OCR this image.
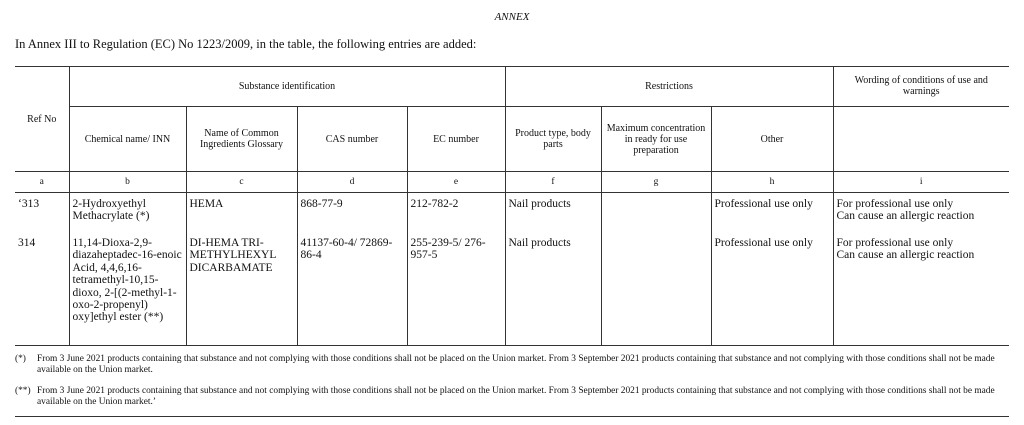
ANNEX
In Annex III to Regulation (EC) No 1223/2009, in the table, the following entries are added:
Ref No	Substance identification				Restrictions			Wording of conditions of use and warnings
	Chemical name/ INN	Name of Common Ingredients Glossary	CAS number	EC number	Product type, body parts	Maximum concentration in ready for use preparation	Other	
a	b	c	d	e	f	g	h	i
‘313	2-Hydroxyethyl Methacrylate (*)	HEMA	868-77-9	212-782-2	Nail products		Professional use only	For professional use only
Can cause an allergic reaction
314	11,14-Dioxa-2,9-diazaheptadec-16-enoic Acid, 4,4,6,16-tetramethyl-10,15-dioxo, 2-[(2-methyl-1-oxo-2-propenyl) oxy]ethyl ester (**)	DI-HEMA TRI-METHYLHEXYL DICARBAMATE	41137-60-4/ 72869-86-4	255-239-5/ 276-957-5	Nail products		Professional use only	For professional use only
Can cause an allergic reaction
(*) From 3 June 2021 products containing that substance and not complying with those conditions shall not be placed on the Union market. From 3 September 2021 products containing that substance and not complying with those conditions shall not be made available on the Union market.
(**) From 3 June 2021 products containing that substance and not complying with those conditions shall not be placed on the Union market. From 3 September 2021 products containing that substance and not complying with those conditions shall not be made available on the Union market.’
